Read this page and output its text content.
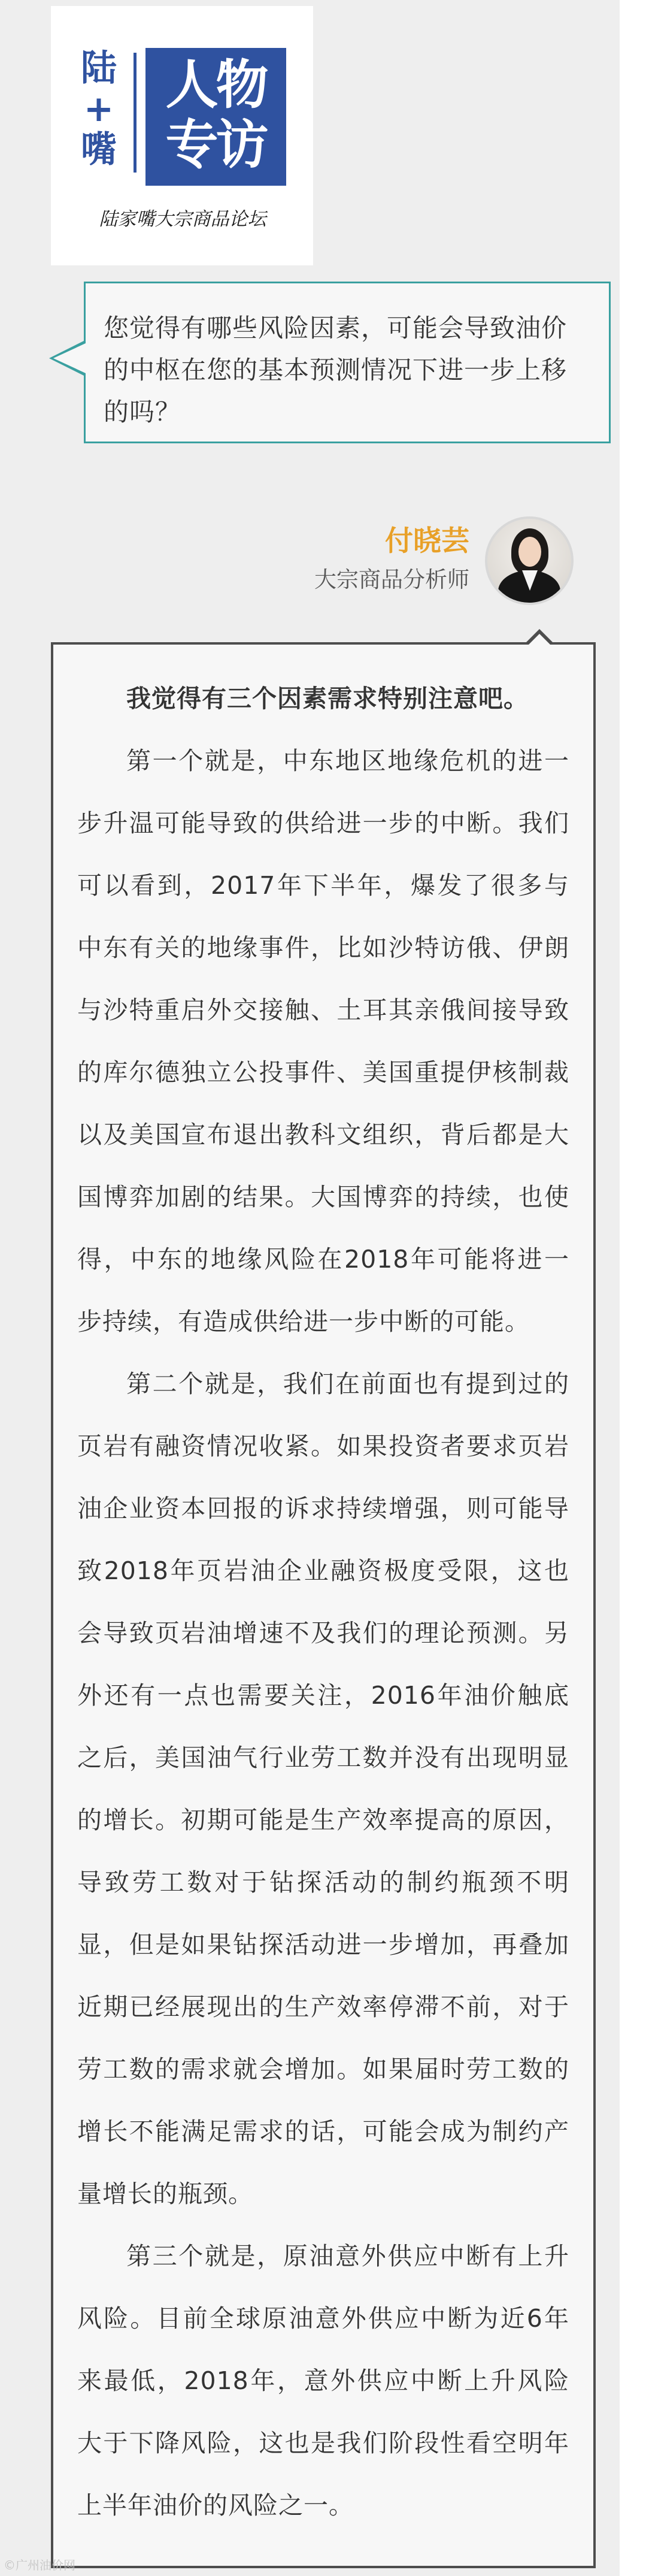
陆
+
嘴
人物
专访
陆家嘴大宗商品论坛
您觉得有哪些风险因素，可能会导致油价的中枢在您的基本预测情况下进一步上移的吗？
付晓芸
大宗商品分析师

我觉得有三个因素需求特别注意吧。

第一个就是，中东地区地缘危机的进一步升温可能导致的供给进一步的中断。我们可以看到，2017年下半年，爆发了很多与中东有关的地缘事件，比如沙特访俄、伊朗与沙特重启外交接触、土耳其亲俄间接导致的库尔德独立公投事件、美国重提伊核制裁以及美国宣布退出教科文组织，背后都是大国博弈加剧的结果。大国博弈的持续，也使得，中东的地缘风险在2018年可能将进一步持续，有造成供给进一步中断的可能。

第二个就是，我们在前面也有提到过的页岩有融资情况收紧。如果投资者要求页岩油企业资本回报的诉求持续增强，则可能导致2018年页岩油企业融资极度受限，这也会导致页岩油增速不及我们的理论预测。另外还有一点也需要关注，2016年油价触底之后，美国油气行业劳工数并没有出现明显的增长。初期可能是生产效率提高的原因，导致劳工数对于钻探活动的制约瓶颈不明显，但是如果钻探活动进一步增加，再叠加近期已经展现出的生产效率停滞不前，对于劳工数的需求就会增加。如果届时劳工数的增长不能满足需求的话，可能会成为制约产量增长的瓶颈。

第三个就是，原油意外供应中断有上升风险。目前全球原油意外供应中断为近6年来最低，2018年，意外供应中断上升风险大于下降风险，这也是我们阶段性看空明年上半年油价的风险之一。

©广州油价网
